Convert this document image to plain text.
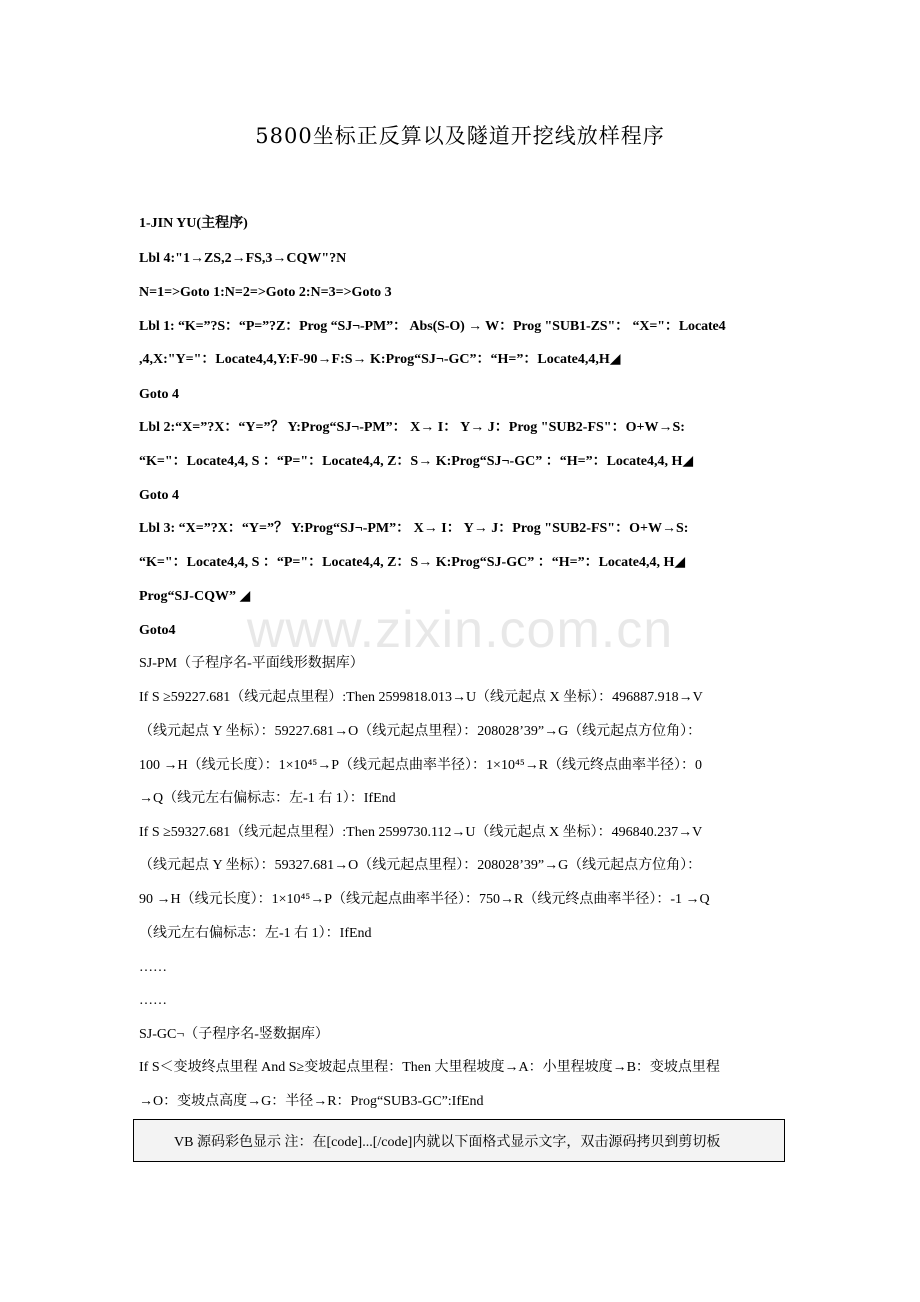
5800坐标正反算以及隧道开挖线放样程序
www.zixin.com.cn
1-JIN YU(主程序)
Lbl 4:"1→ZS,2→FS,3→CQW"?N
N=1=>Goto 1:N=2=>Goto 2:N=3=>Goto 3
Lbl 1: “K=”?S：“P=”?Z：Prog “SJ¬-PM”： Abs(S-O) → W：Prog "SUB1-ZS"： “X="：Locate4
,4,X:"Y="：Locate4,4,Y:F-90→F:S→ K:Prog“SJ¬-GC”：“H=”：Locate4,4,H◢
Goto 4
Lbl 2:“X=”?X：“Y=”？ Y:Prog“SJ¬-PM”： X→ I： Y→ J：Prog "SUB2-FS"：O+W→S:
“K="：Locate4,4, S ：“P="：Locate4,4, Z：S→ K:Prog“SJ¬-GC” ：“H=”：Locate4,4, H◢
Goto 4
Lbl 3: “X=”?X：“Y=”？ Y:Prog“SJ¬-PM”： X→ I： Y→ J：Prog "SUB2-FS"：O+W→S:
“K="：Locate4,4, S ：“P="：Locate4,4, Z：S→ K:Prog“SJ-GC” ：“H=”：Locate4,4, H◢
Prog“SJ-CQW” ◢
Goto4
SJ-PM（子程序名-平面线形数据库）
If S ≥59227.681（线元起点里程）:Then 2599818.013→U（线元起点 X 坐标）：496887.918→V
（线元起点 Y 坐标）：59227.681→O（线元起点里程）：208028’39”→G（线元起点方位角）：
100 →H（线元长度）：1×10⁴⁵→P（线元起点曲率半径）：1×10⁴⁵→R（线元终点曲率半径）：0
→Q（线元左右偏标志：左-1 右 1）：IfEnd
If S ≥59327.681（线元起点里程）:Then 2599730.112→U（线元起点 X 坐标）：496840.237→V
（线元起点 Y 坐标）：59327.681→O（线元起点里程）：208028’39”→G（线元起点方位角）：
90 →H（线元长度）：1×10⁴⁵→P（线元起点曲率半径）：750→R（线元终点曲率半径）：-1 →Q
（线元左右偏标志：左-1 右 1）：IfEnd
……
……
SJ-GC¬（子程序名-竖数据库）
If S＜变坡终点里程 And S≥变坡起点里程：Then 大里程坡度→A：小里程坡度→B：变坡点里程
→O：变坡点高度→G：半径→R：Prog“SUB3-GC”:IfEnd
VB 源码彩色显示 注：在[code]...[/code]内就以下面格式显示文字，双击源码拷贝到剪切板
